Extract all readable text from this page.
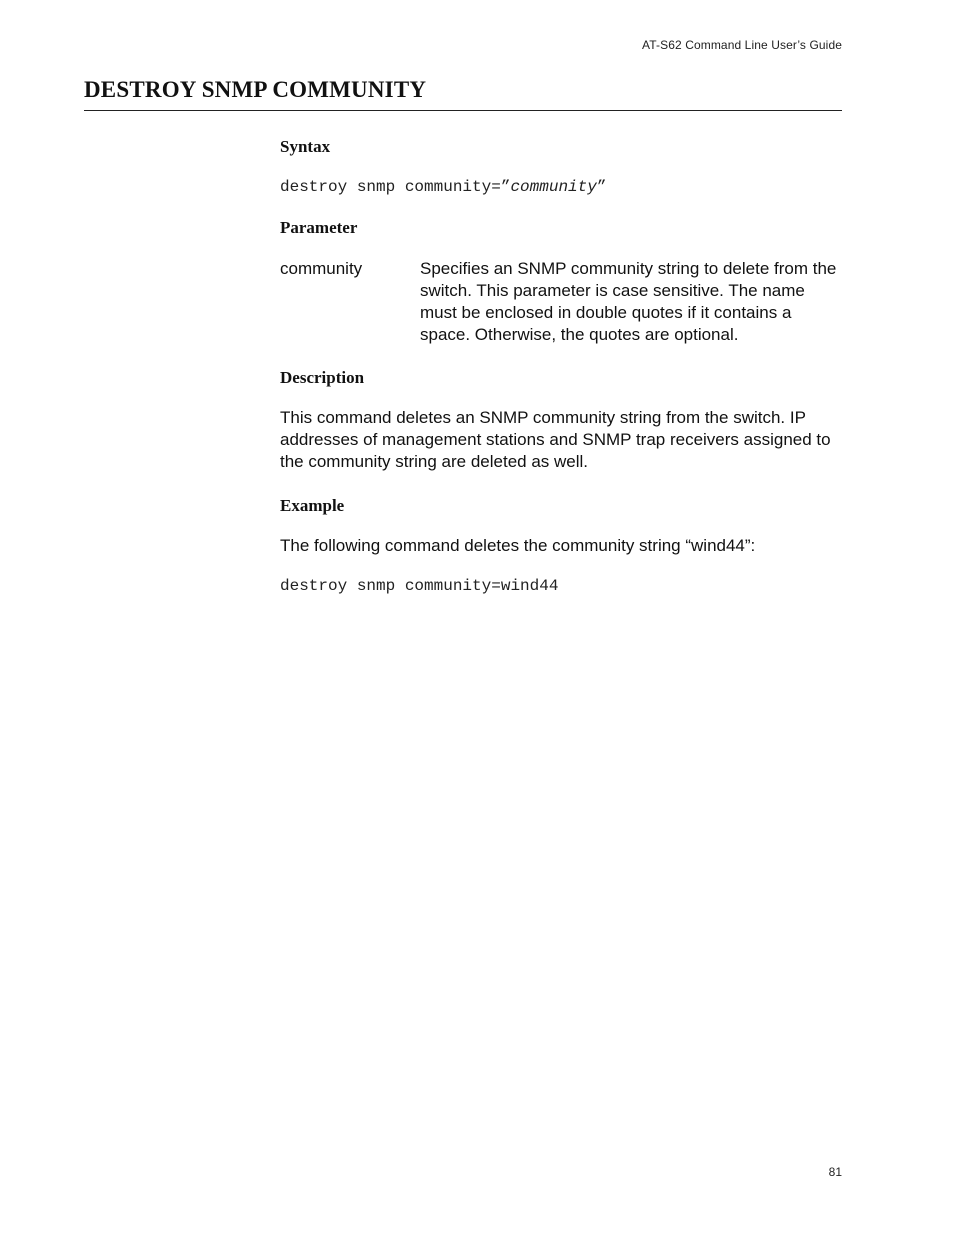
AT-S62 Command Line User’s Guide
DESTROY SNMP COMMUNITY
Syntax
destroy snmp community=”community”
Parameter
community	Specifies an SNMP community string to delete from the switch. This parameter is case sensitive. The name must be enclosed in double quotes if it contains a space. Otherwise, the quotes are optional.
Description
This command deletes an SNMP community string from the switch. IP addresses of management stations and SNMP trap receivers assigned to the community string are deleted as well.
Example
The following command deletes the community string “wind44”:
destroy snmp community=wind44
81
